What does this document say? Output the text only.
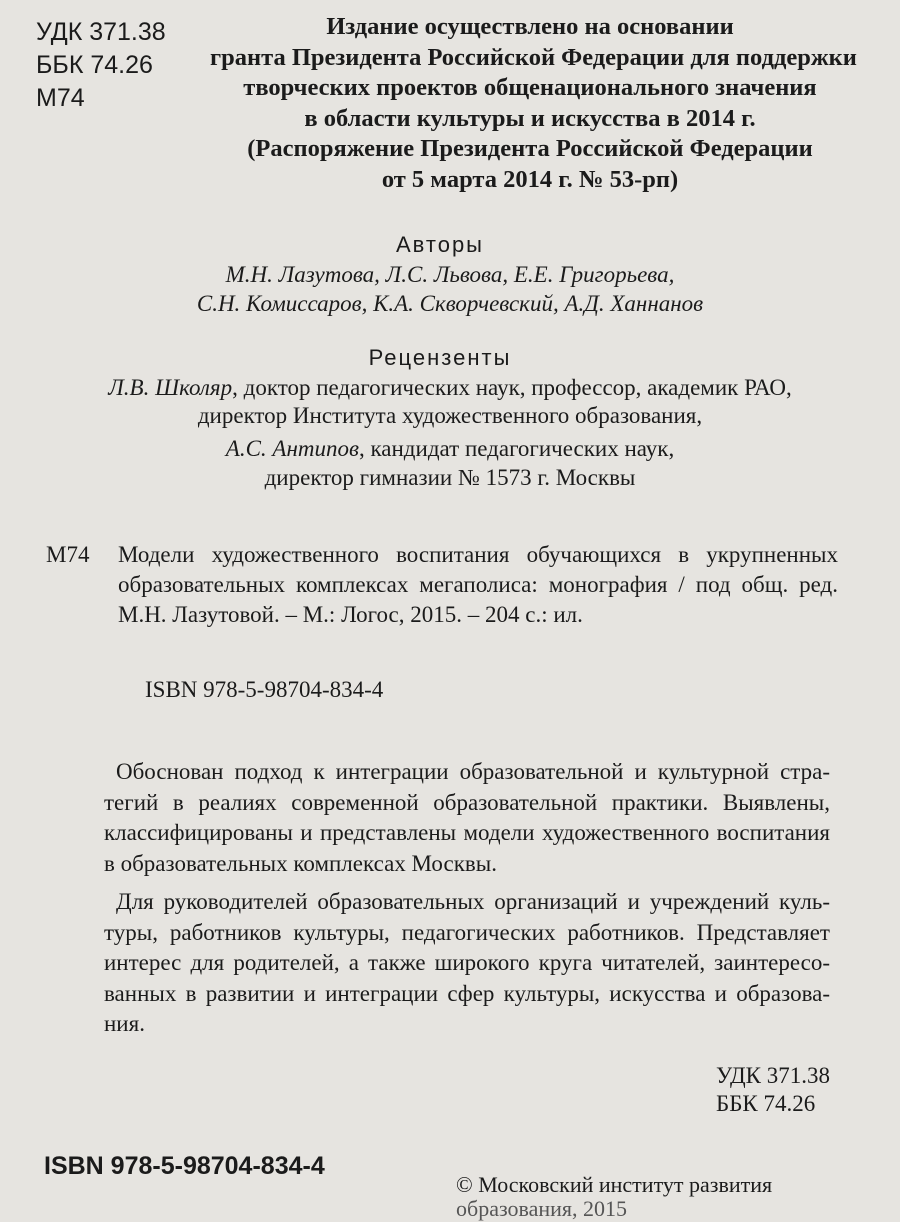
УДК 371.38
ББК 74.26
М74
Издание осуществлено на основании
гранта Президента Российской Федерации для поддержки
творческих проектов общенационального значения
в области культуры и искусства в 2014 г.
(Распоряжение Президента Российской Федерации
от 5 марта 2014 г. № 53-рп)
Авторы
М.Н. Лазутова, Л.С. Львова, Е.Е. Григорьева,
С.Н. Комиссаров, К.А. Скворчевский, А.Д. Ханнанов
Рецензенты
Л.В. Школяр, доктор педагогических наук, профессор, академик РАО,
директор Института художественного образования,
А.С. Антипов, кандидат педагогических наук,
директор гимназии № 1573 г. Москвы
М74 Модели художественного воспитания обучающихся в укрупненных
образовательных комплексах мегаполиса: монография / под общ. ред.
М.Н. Лазутовой. – М.: Логос, 2015. – 204 с.: ил.
ISBN 978-5-98704-834-4
Обоснован подход к интеграции образовательной и культурной стра-
тегий в реалиях современной образовательной практики. Выявлены,
классифицированы и представлены модели художественного воспитания
в образовательных комплексах Москвы.
Для руководителей образовательных организаций и учреждений куль-
туры, работников культуры, педагогических работников. Представляет
интерес для родителей, а также широкого круга читателей, заинтересо-
ванных в развитии и интеграции сфер культуры, искусства и образова-
ния.
УДК 371.38
ББК 74.26
ISBN 978-5-98704-834-4
© Московский институт развития
образования, 2015
